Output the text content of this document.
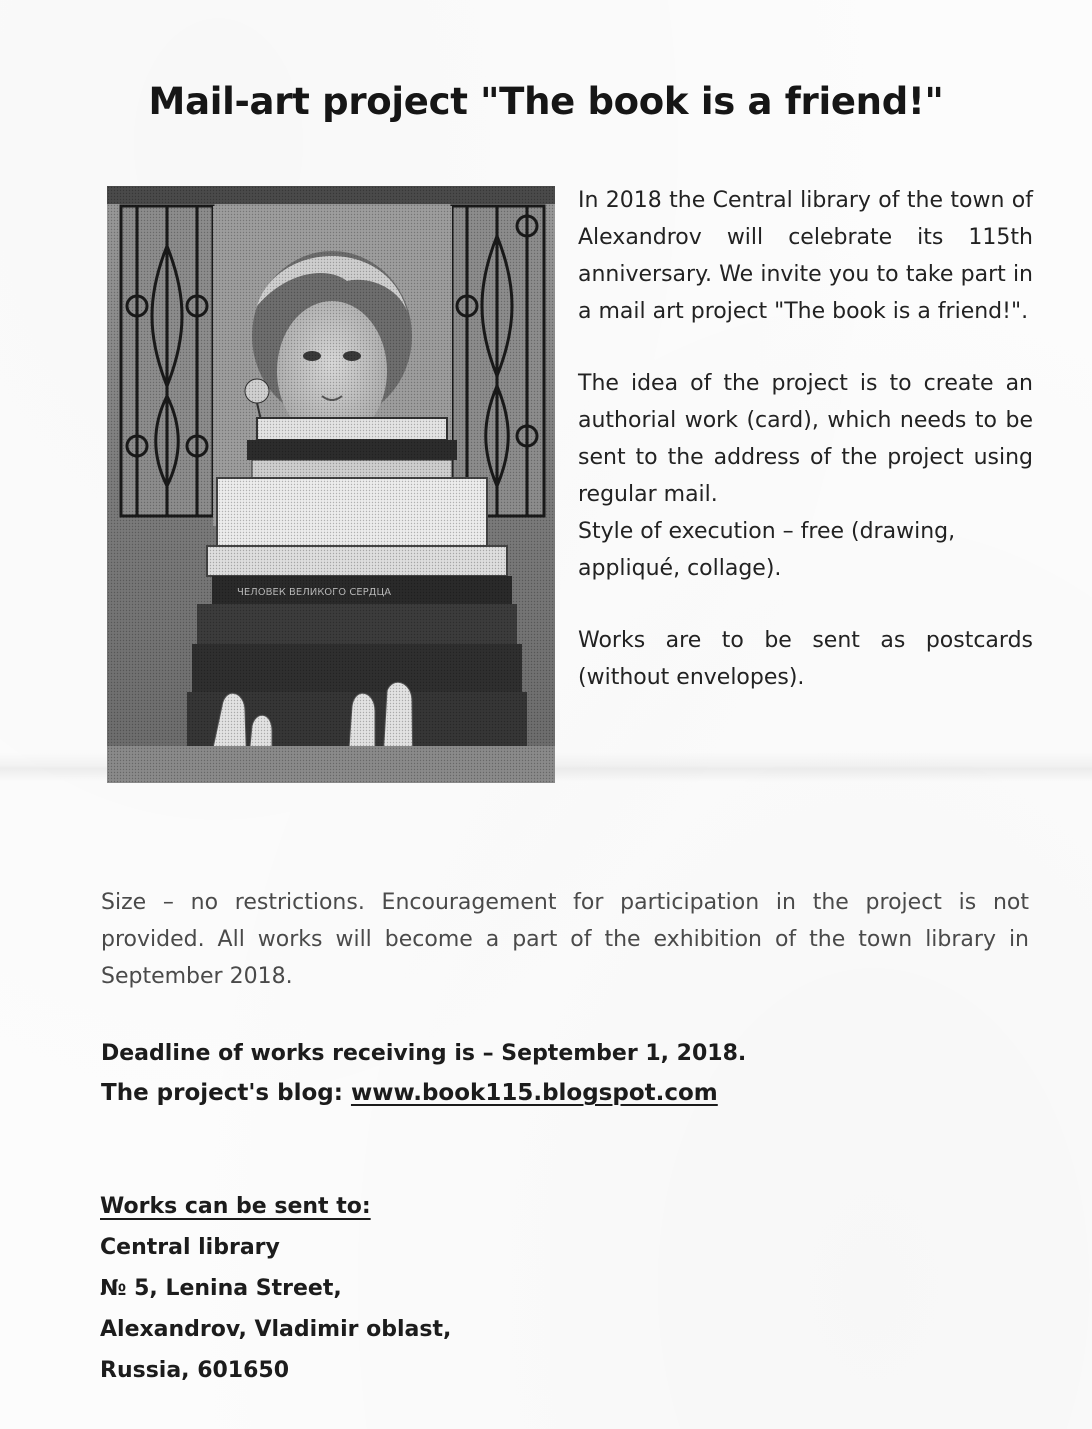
Mail-art project "The book is a friend!"

In 2018 the Central library of the town of Alexandrov will celebrate its 115th anniversary. We invite you to take part in a mail art project "The book is a friend!".

The idea of the project is to create an authorial work (card), which needs to be sent to the address of the project using regular mail.

Style of execution – free (drawing, appliqué, collage).

Works are to be sent as postcards (without envelopes).

Size – no restrictions. Encouragement for participation in the project is not provided. All works will become a part of the exhibition of the town library in September 2018.

Deadline of works receiving is – September 1, 2018.
The project's blog: www.book115.blogspot.com
Works can be sent to:
Central library
№ 5, Lenina Street,
Alexandrov, Vladimir oblast,
Russia, 601650
